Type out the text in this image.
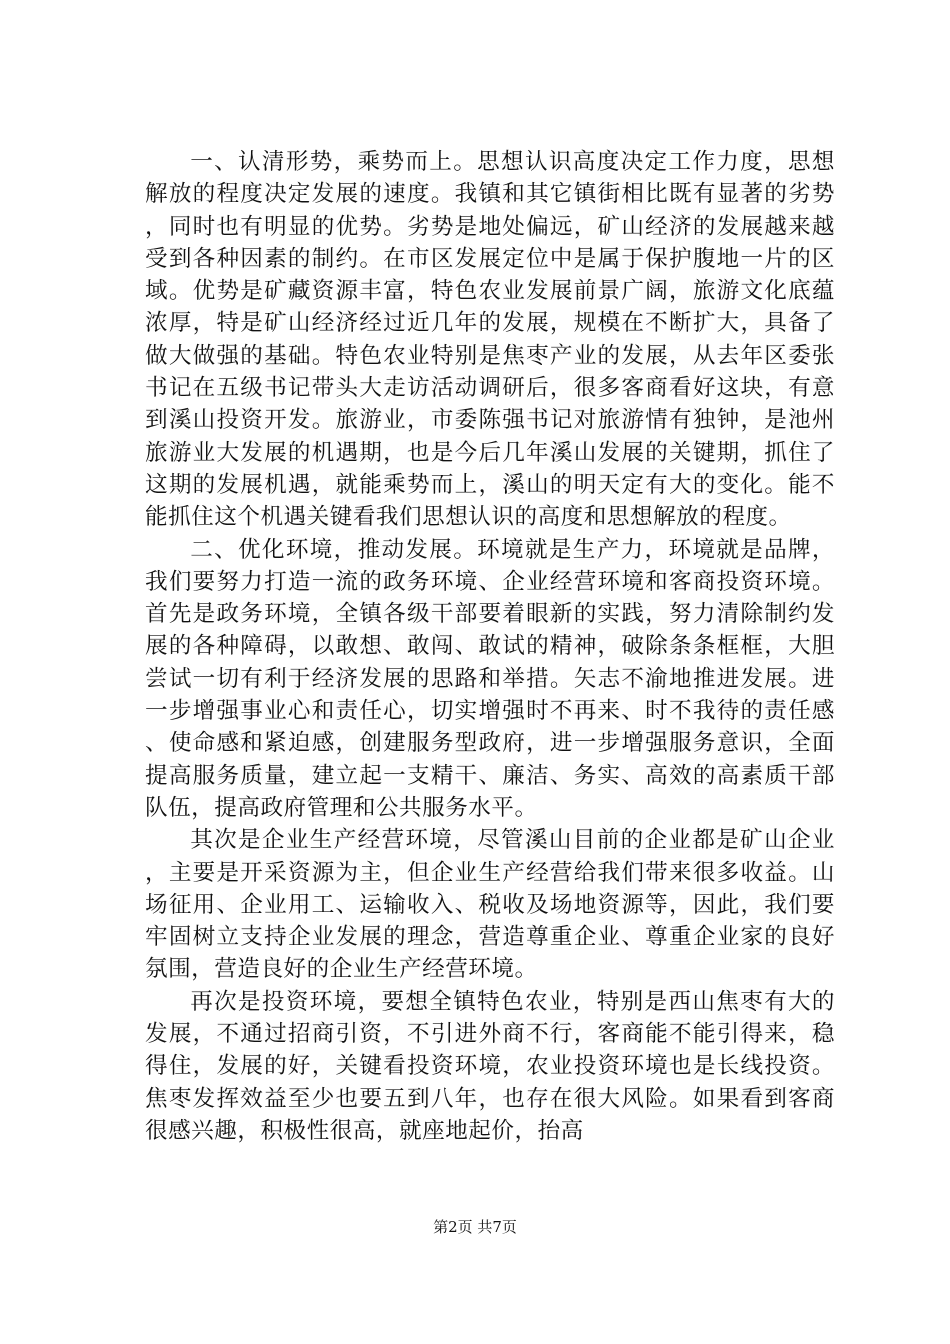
一、认清形势，乘势而上。思想认识高度决定工作力度，思想解放的程度决定发展的速度。我镇和其它镇街相比既有显著的劣势，同时也有明显的优势。劣势是地处偏远，矿山经济的发展越来越受到各种因素的制约。在市区发展定位中是属于保护腹地一片的区域。优势是矿藏资源丰富，特色农业发展前景广阔，旅游文化底蕴浓厚，特是矿山经济经过近几年的发展，规模在不断扩大，具备了做大做强的基础。特色农业特别是焦枣产业的发展，从去年区委张书记在五级书记带头大走访活动调研后，很多客商看好这块，有意到溪山投资开发。旅游业，市委陈强书记对旅游情有独钟，是池州旅游业大发展的机遇期，也是今后几年溪山发展的关键期，抓住了这期的发展机遇，就能乘势而上，溪山的明天定有大的变化。能不能抓住这个机遇关键看我们思想认识的高度和思想解放的程度。

二、优化环境，推动发展。环境就是生产力，环境就是品牌，我们要努力打造一流的政务环境、企业经营环境和客商投资环境。首先是政务环境，全镇各级干部要着眼新的实践，努力清除制约发展的各种障碍，以敢想、敢闯、敢试的精神，破除条条框框，大胆尝试一切有利于经济发展的思路和举措。矢志不渝地推进发展。进一步增强事业心和责任心，切实增强时不再来、时不我待的责任感、使命感和紧迫感，创建服务型政府，进一步增强服务意识，全面提高服务质量，建立起一支精干、廉洁、务实、高效的高素质干部队伍，提高政府管理和公共服务水平。

其次是企业生产经营环境，尽管溪山目前的企业都是矿山企业，主要是开采资源为主，但企业生产经营给我们带来很多收益。山场征用、企业用工、运输收入、税收及场地资源等，因此，我们要牢固树立支持企业发展的理念，营造尊重企业、尊重企业家的良好氛围，营造良好的企业生产经营环境。

再次是投资环境，要想全镇特色农业，特别是西山焦枣有大的发展，不通过招商引资，不引进外商不行，客商能不能引得来，稳得住，发展的好，关键看投资环境，农业投资环境也是长线投资。焦枣发挥效益至少也要五到八年，也存在很大风险。如果看到客商很感兴趣，积极性很高，就座地起价，抬高

第2页 共7页
